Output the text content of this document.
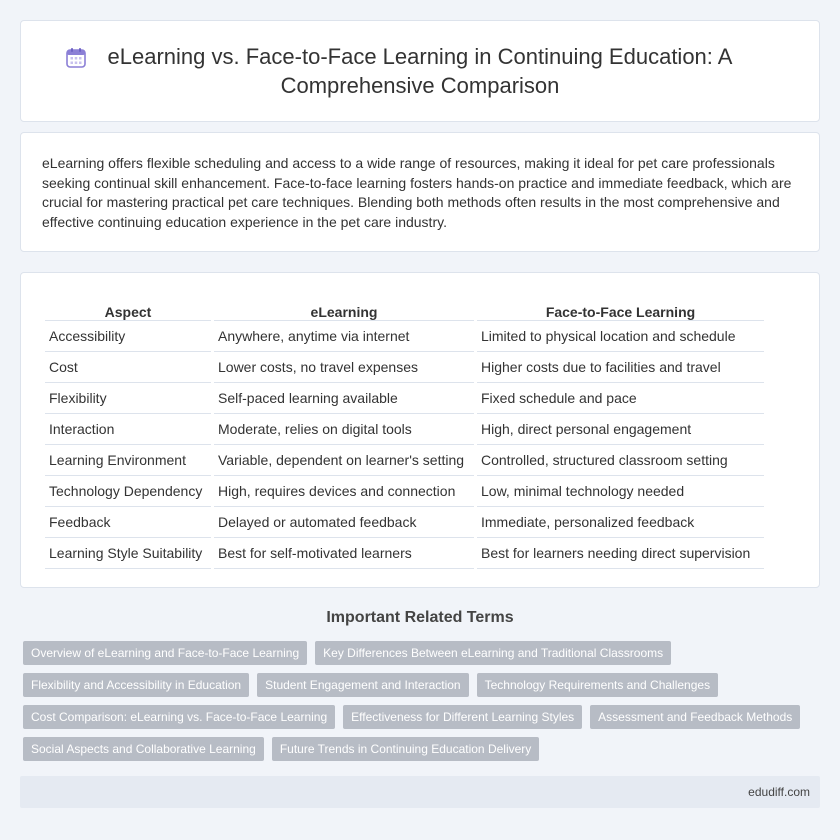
eLearning vs. Face-to-Face Learning in Continuing Education: A Comprehensive Comparison

eLearning offers flexible scheduling and access to a wide range of resources, making it ideal for pet care professionals seeking continual skill enhancement. Face-to-face learning fosters hands-on practice and immediate feedback, which are crucial for mastering practical pet care techniques. Blending both methods often results in the most comprehensive and effective continuing education experience in the pet care industry.

Aspect	eLearning	Face-to-Face Learning
Accessibility	Anywhere, anytime via internet	Limited to physical location and schedule
Cost	Lower costs, no travel expenses	Higher costs due to facilities and travel
Flexibility	Self-paced learning available	Fixed schedule and pace
Interaction	Moderate, relies on digital tools	High, direct personal engagement
Learning Environment	Variable, dependent on learner's setting	Controlled, structured classroom setting
Technology Dependency	High, requires devices and connection	Low, minimal technology needed
Feedback	Delayed or automated feedback	Immediate, personalized feedback
Learning Style Suitability	Best for self-motivated learners	Best for learners needing direct supervision
Important Related Terms
Overview of eLearning and Face-to-Face Learning	Key Differences Between eLearning and Traditional Classrooms
Flexibility and Accessibility in Education	Student Engagement and Interaction	Technology Requirements and Challenges
Cost Comparison: eLearning vs. Face-to-Face Learning	Effectiveness for Different Learning Styles	Assessment and Feedback Methods
Social Aspects and Collaborative Learning	Future Trends in Continuing Education Delivery
edudiff.com
